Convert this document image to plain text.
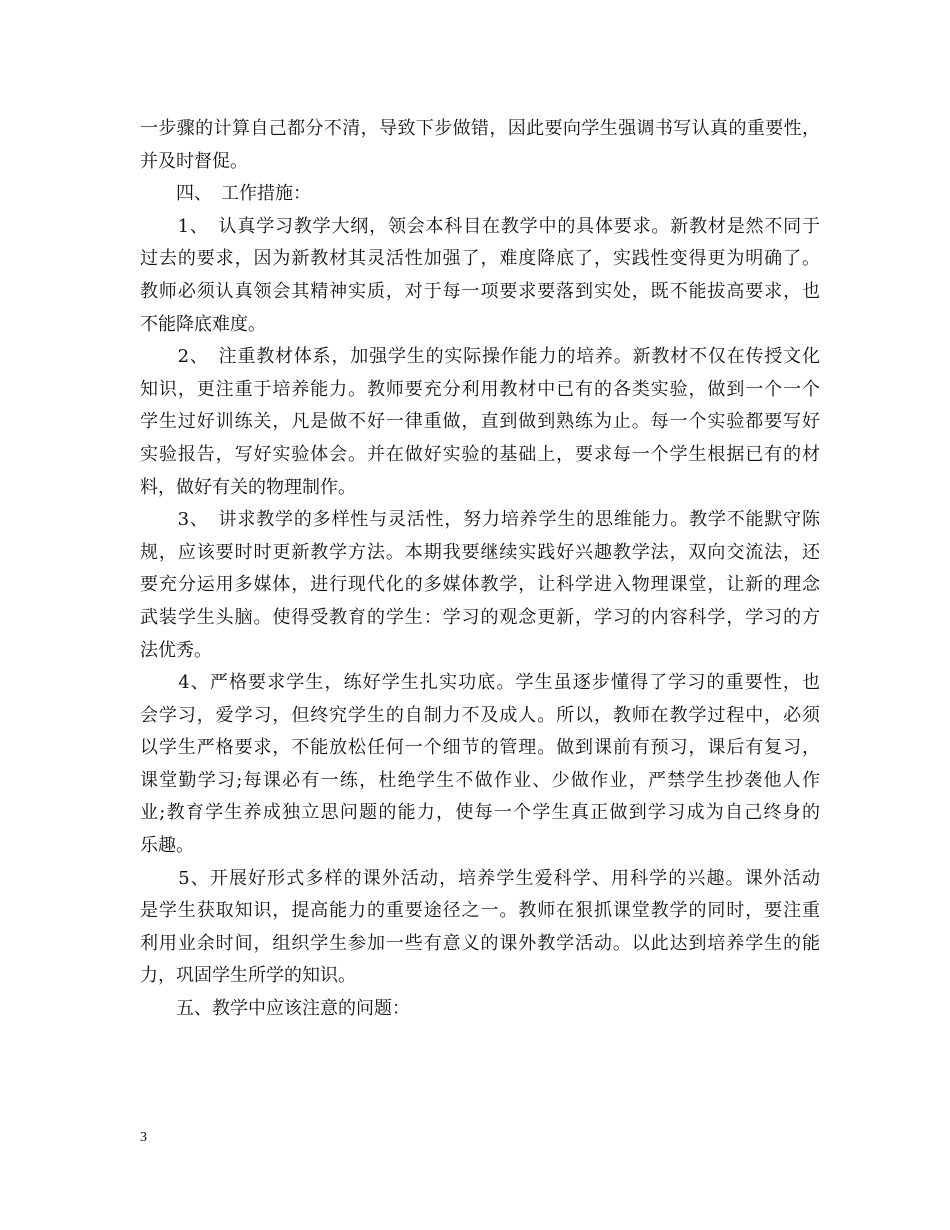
一步骤的计算自己都分不清，导致下步做错，因此要向学生强调书写认真的重要性，
并及时督促。
　　四、　工作措施：
　　1、　认真学习教学大纲，领会本科目在教学中的具体要求。新教材是然不同于
过去的要求，因为新教材其灵活性加强了，难度降底了，实践性变得更为明确了。
教师必须认真领会其精神实质，对于每一项要求要落到实处，既不能拔高要求，也
不能降底难度。
　　2、　注重教材体系，加强学生的实际操作能力的培养。新教材不仅在传授文化
知识，更注重于培养能力。教师要充分利用教材中已有的各类实验，做到一个一个
学生过好训练关，凡是做不好一律重做，直到做到熟练为止。每一个实验都要写好
实验报告，写好实验体会。并在做好实验的基础上，要求每一个学生根据已有的材
料，做好有关的物理制作。
　　3、　讲求教学的多样性与灵活性，努力培养学生的思维能力。教学不能默守陈
规，应该要时时更新教学方法。本期我要继续实践好兴趣教学法，双向交流法，还
要充分运用多媒体，进行现代化的多媒体教学，让科学进入物理课堂，让新的理念
武装学生头脑。使得受教育的学生：学习的观念更新，学习的内容科学，学习的方
法优秀。
　　4、严格要求学生，练好学生扎实功底。学生虽逐步懂得了学习的重要性，也
会学习，爱学习，但终究学生的自制力不及成人。所以，教师在教学过程中，必须
以学生严格要求，不能放松任何一个细节的管理。做到课前有预习，课后有复习，
课堂勤学习;每课必有一练，杜绝学生不做作业、少做作业，严禁学生抄袭他人作
业;教育学生养成独立思问题的能力，使每一个学生真正做到学习成为自己终身的
乐趣。
　　5、开展好形式多样的课外活动，培养学生爱科学、用科学的兴趣。课外活动
是学生获取知识，提高能力的重要途径之一。教师在狠抓课堂教学的同时，要注重
利用业余时间，组织学生参加一些有意义的课外教学活动。以此达到培养学生的能
力，巩固学生所学的知识。
　　五、教学中应该注意的问题：
3
